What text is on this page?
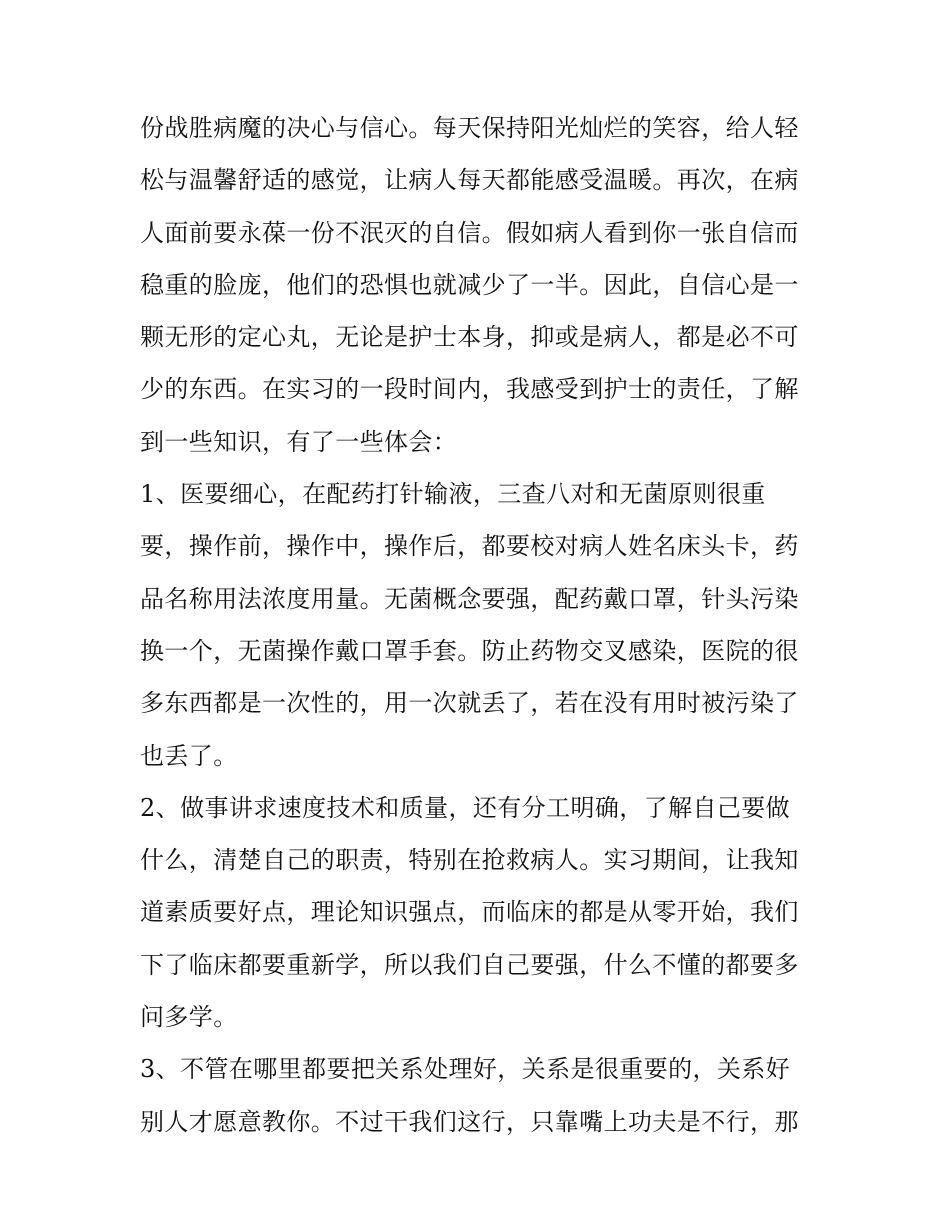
份战胜病魔的决心与信心。每天保持阳光灿烂的笑容，给人轻
松与温馨舒适的感觉，让病人每天都能感受温暖。再次，在病
人面前要永葆一份不泯灭的自信。假如病人看到你一张自信而
稳重的脸庞，他们的恐惧也就减少了一半。因此，自信心是一
颗无形的定心丸，无论是护士本身，抑或是病人，都是必不可
少的东西。在实习的一段时间内，我感受到护士的责任，了解
到一些知识，有了一些体会：
1、医要细心，在配药打针输液，三查八对和无菌原则很重
要，操作前，操作中，操作后，都要校对病人姓名床头卡，药
品名称用法浓度用量。无菌概念要强，配药戴口罩，针头污染
换一个，无菌操作戴口罩手套。防止药物交叉感染，医院的很
多东西都是一次性的，用一次就丢了，若在没有用时被污染了
也丢了。
2、做事讲求速度技术和质量，还有分工明确，了解自己要做
什么，清楚自己的职责，特别在抢救病人。实习期间，让我知
道素质要好点，理论知识强点，而临床的都是从零开始，我们
下了临床都要重新学，所以我们自己要强，什么不懂的都要多
问多学。
3、不管在哪里都要把关系处理好，关系是很重要的，关系好
别人才愿意教你。不过干我们这行，只靠嘴上功夫是不行，那
